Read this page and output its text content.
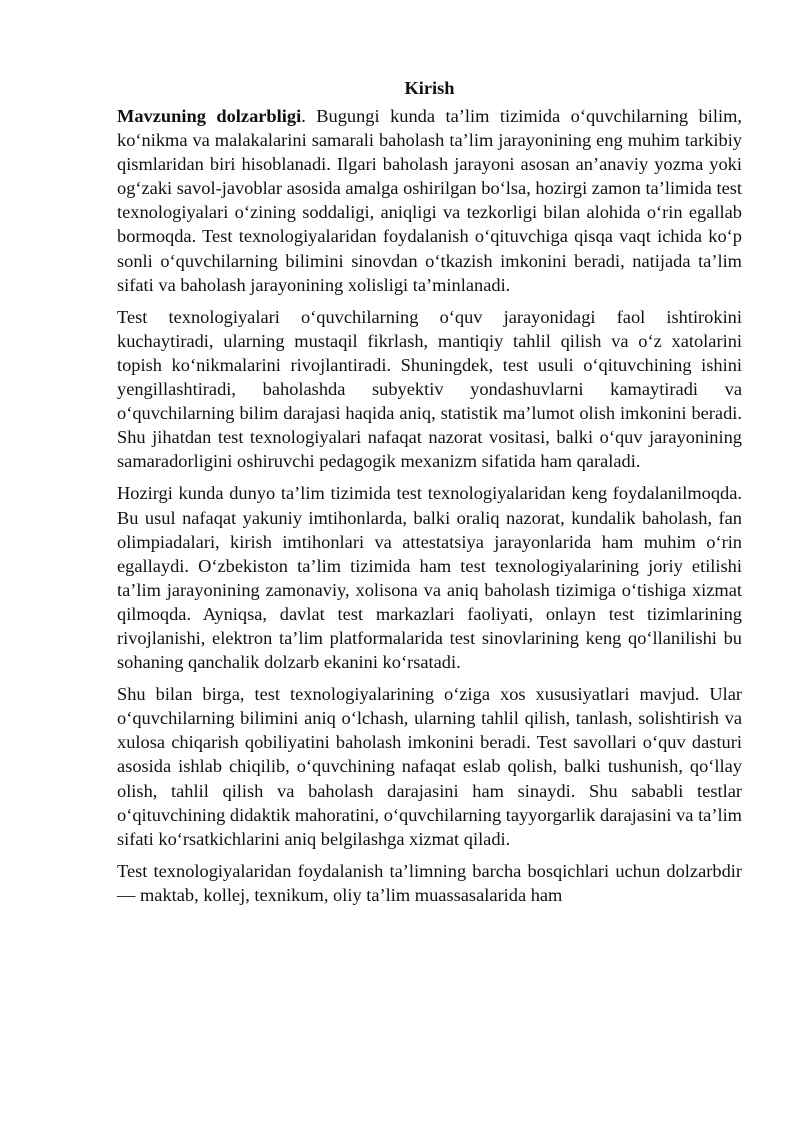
Kirish

Mavzuning dolzarbligi. Bugungi kunda ta’lim tizimida o‘quvchilarning bilim, ko‘nikma va malakalarini samarali baholash ta’lim jarayonining eng muhim tarkibiy qismlaridan biri hisoblanadi. Ilgari baholash jarayoni asosan an’anaviy yozma yoki og‘zaki savol-javoblar asosida amalga oshirilgan bo‘lsa, hozirgi zamon ta’limida test texnologiyalari o‘zining soddaligi, aniqligi va tezkorligi bilan alohida o‘rin egallab bormoqda. Test texnologiyalaridan foydalanish o‘qituvchiga qisqa vaqt ichida ko‘p sonli o‘quvchilarning bilimini sinovdan o‘tkazish imkonini beradi, natijada ta’lim sifati va baholash jarayonining xolisligi ta’minlanadi.

Test texnologiyalari o‘quvchilarning o‘quv jarayonidagi faol ishtirokini kuchaytiradi, ularning mustaqil fikrlash, mantiqiy tahlil qilish va o‘z xatolarini topish ko‘nikmalarini rivojlantiradi. Shuningdek, test usuli o‘qituvchining ishini yengillashtiradi, baholashda subyektiv yondashuvlarni kamaytiradi va o‘quvchilarning bilim darajasi haqida aniq, statistik ma’lumot olish imkonini beradi. Shu jihatdan test texnologiyalari nafaqat nazorat vositasi, balki o‘quv jarayonining samaradorligini oshiruvchi pedagogik mexanizm sifatida ham qaraladi.

Hozirgi kunda dunyo ta’lim tizimida test texnologiyalaridan keng foydalanilmoqda. Bu usul nafaqat yakuniy imtihonlarda, balki oraliq nazorat, kundalik baholash, fan olimpiadalari, kirish imtihonlari va attestatsiya jarayonlarida ham muhim o‘rin egallaydi. O‘zbekiston ta’lim tizimida ham test texnologiyalarining joriy etilishi ta’lim jarayonining zamonaviy, xolisona va aniq baholash tizimiga o‘tishiga xizmat qilmoqda. Ayniqsa, davlat test markazlari faoliyati, onlayn test tizimlarining rivojlanishi, elektron ta’lim platformalarida test sinovlarining keng qo‘llanilishi bu sohaning qanchalik dolzarb ekanini ko‘rsatadi.

Shu bilan birga, test texnologiyalarining o‘ziga xos xususiyatlari mavjud. Ular o‘quvchilarning bilimini aniq o‘lchash, ularning tahlil qilish, tanlash, solishtirish va xulosa chiqarish qobiliyatini baholash imkonini beradi. Test savollari o‘quv dasturi asosida ishlab chiqilib, o‘quvchining nafaqat eslab qolish, balki tushunish, qo‘llay olish, tahlil qilish va baholash darajasini ham sinaydi. Shu sababli testlar o‘qituvchining didaktik mahoratini, o‘quvchilarning tayyorgarlik darajasini va ta’lim sifati ko‘rsatkichlarini aniq belgilashga xizmat qiladi.

Test texnologiyalaridan foydalanish ta’limning barcha bosqichlari uchun dolzarbdir — maktab, kollej, texnikum, oliy ta’lim muassasalarida ham
